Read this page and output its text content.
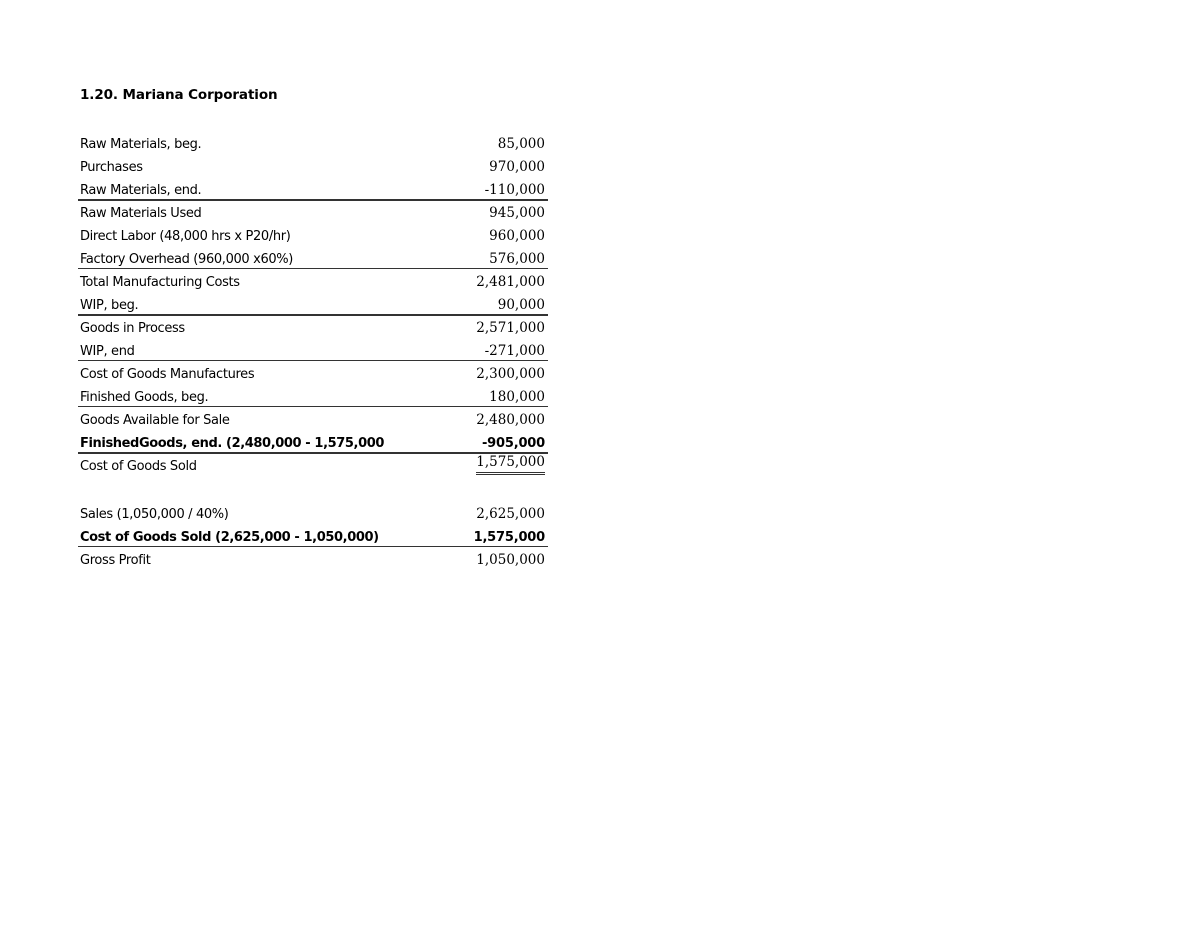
1.20. Mariana Corporation
Raw Materials, beg.	85,000
Purchases	970,000
Raw Materials, end.	-110,000
Raw Materials Used	945,000
Direct Labor (48,000 hrs x P20/hr)	960,000
Factory Overhead (960,000 x60%)	576,000
Total Manufacturing Costs	2,481,000
WIP, beg.	90,000
Goods in Process	2,571,000
WIP, end	-271,000
Cost of Goods Manufactures	2,300,000
Finished Goods, beg.	180,000
Goods Available for Sale	2,480,000
FinishedGoods, end. (2,480,000 - 1,575,000	-905,000
Cost of Goods Sold	1,575,000
Sales (1,050,000 / 40%)	2,625,000
Cost of Goods Sold (2,625,000 - 1,050,000)	1,575,000
Gross Profit	1,050,000
